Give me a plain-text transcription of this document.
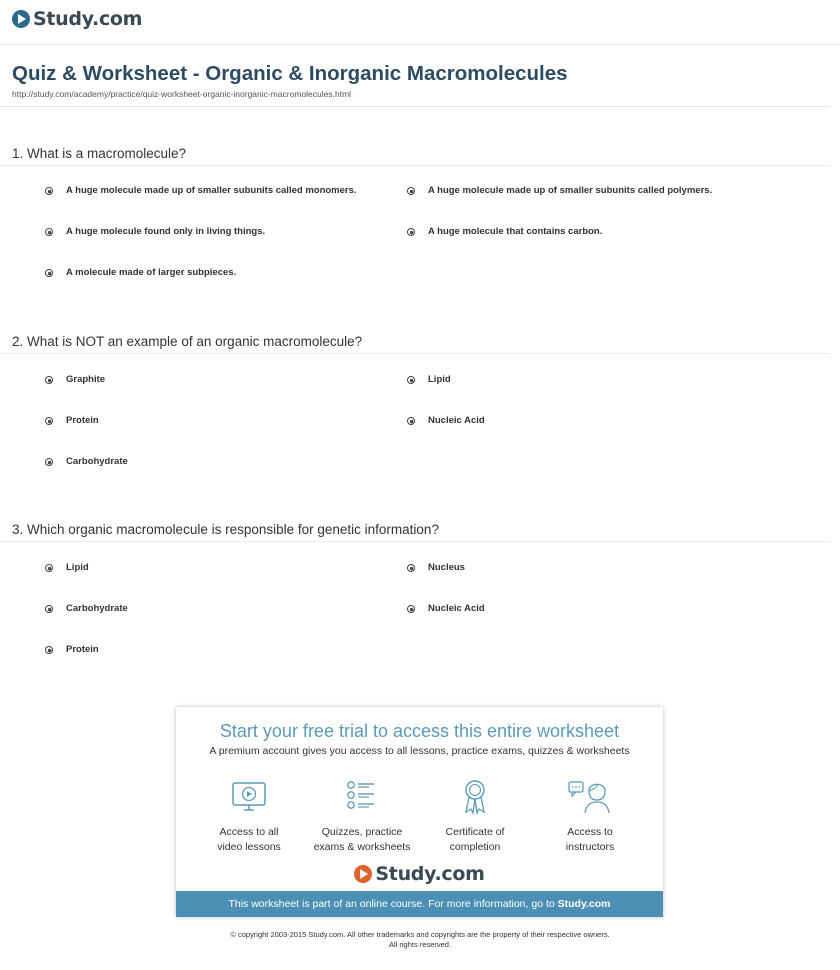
Study.com
Quiz & Worksheet - Organic & Inorganic Macromolecules
http://study.com/academy/practice/quiz-worksheet-organic-inorganic-macromolecules.html
1. What is a macromolecule?
A huge molecule made up of smaller subunits called monomers.	A huge molecule made up of smaller subunits called polymers.
A huge molecule found only in living things.	A huge molecule that contains carbon.
A molecule made of larger subpieces.
2. What is NOT an example of an organic macromolecule?
Graphite	Lipid
Protein	Nucleic Acid
Carbohydrate
3. Which organic macromolecule is responsible for genetic information?
Lipid	Nucleus
Carbohydrate	Nucleic Acid
Protein
Start your free trial to access this entire worksheet
A premium account gives you access to all lessons, practice exams, quizzes & worksheets
Access to all
video lessons
Quizzes, practice
exams & worksheets
Certificate of
completion
Access to
instructors
Study.com
This worksheet is part of an online course. For more information, go to Study.com
© copyright 2003-2015 Study.com. All other trademarks and copyrights are the property of their respective owners.
All rights reserved.
